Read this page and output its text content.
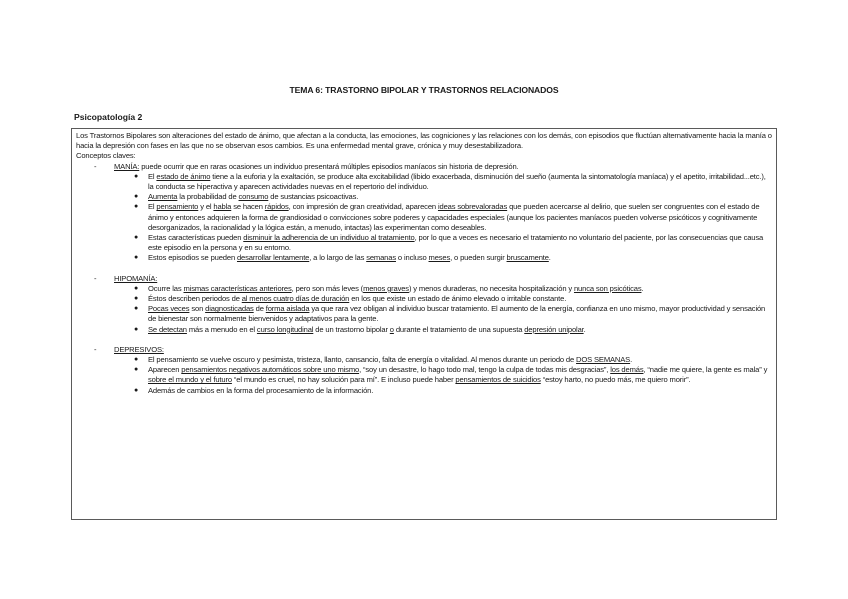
TEMA 6: TRASTORNO BIPOLAR Y TRASTORNOS RELACIONADOS
Psicopatología 2

Los Trastornos Bipolares son alteraciones del estado de ánimo, que afectan a la conducta, las emociones, las cogniciones y las relaciones con los demás, con episodios que fluctúan alternativamente hacia la manía o hacia la depresión con fases en las que no se observan esos cambios. Es una enfermedad mental grave, crónica y muy desestabilizadora.

Conceptos claves:

- MANÍA: puede ocurrir que en raras ocasiones un individuo presentará múltiples episodios maníacos sin historia de depresión.

● El estado de ánimo tiene a la euforia y la exaltación, se produce alta excitabilidad (libido exacerbada, disminución del sueño (aumenta la sintomatología maníaca) y el apetito, irritabilidad...etc.), la conducta se hiperactiva y aparecen actividades nuevas en el repertorio del individuo.
● Aumenta la probabilidad de consumo de sustancias psicoactivas.
● El pensamiento y el habla se hacen rápidos, con impresión de gran creatividad, aparecen ideas sobrevaloradas que pueden acercarse al delirio, que suelen ser congruentes con el estado de ánimo y entonces adquieren la forma de grandiosidad o convicciones sobre poderes y capacidades especiales (aunque los pacientes maníacos pueden volverse psicóticos y cognitivamente desorganizados, la racionalidad y la lógica están, a menudo, intactas) las experimentan como deseables.
● Estas características pueden disminuir la adherencia de un individuo al tratamiento, por lo que a veces es necesario el tratamiento no voluntario del paciente, por las consecuencias que causa este episodio en la persona y en su entorno.
● Estos episodios se pueden desarrollar lentamente, a lo largo de las semanas o incluso meses, o pueden surgir bruscamente.

- HIPOMANÍA:

● Ocurre las mismas características anteriores, pero son más leves (menos graves) y menos duraderas, no necesita hospitalización y nunca son psicóticas.
● Éstos describen periodos de al menos cuatro días de duración en los que existe un estado de ánimo elevado o irritable constante.
● Pocas veces son diagnosticadas de forma aislada ya que rara vez obligan al individuo buscar tratamiento. El aumento de la energía, confianza en uno mismo, mayor productividad y sensación de bienestar son normalmente bienvenidos y adaptativos para la gente.
● Se detectan más a menudo en el curso longitudinal de un trastorno bipolar o durante el tratamiento de una supuesta depresión unipolar.

- DEPRESIVOS:

● El pensamiento se vuelve oscuro y pesimista, tristeza, llanto, cansancio, falta de energía o vitalidad. Al menos durante un periodo de DOS SEMANAS.
● Aparecen pensamientos negativos automáticos sobre uno mismo, “soy un desastre, lo hago todo mal, tengo la culpa de todas mis desgracias”, los demás, “nadie me quiere, la gente es mala” y sobre el mundo y el futuro “el mundo es cruel, no hay solución para mí”. E incluso puede haber pensamientos de suicidios “estoy harto, no puedo más, me quiero morir”.
● Además de cambios en la forma del procesamiento de la información.
